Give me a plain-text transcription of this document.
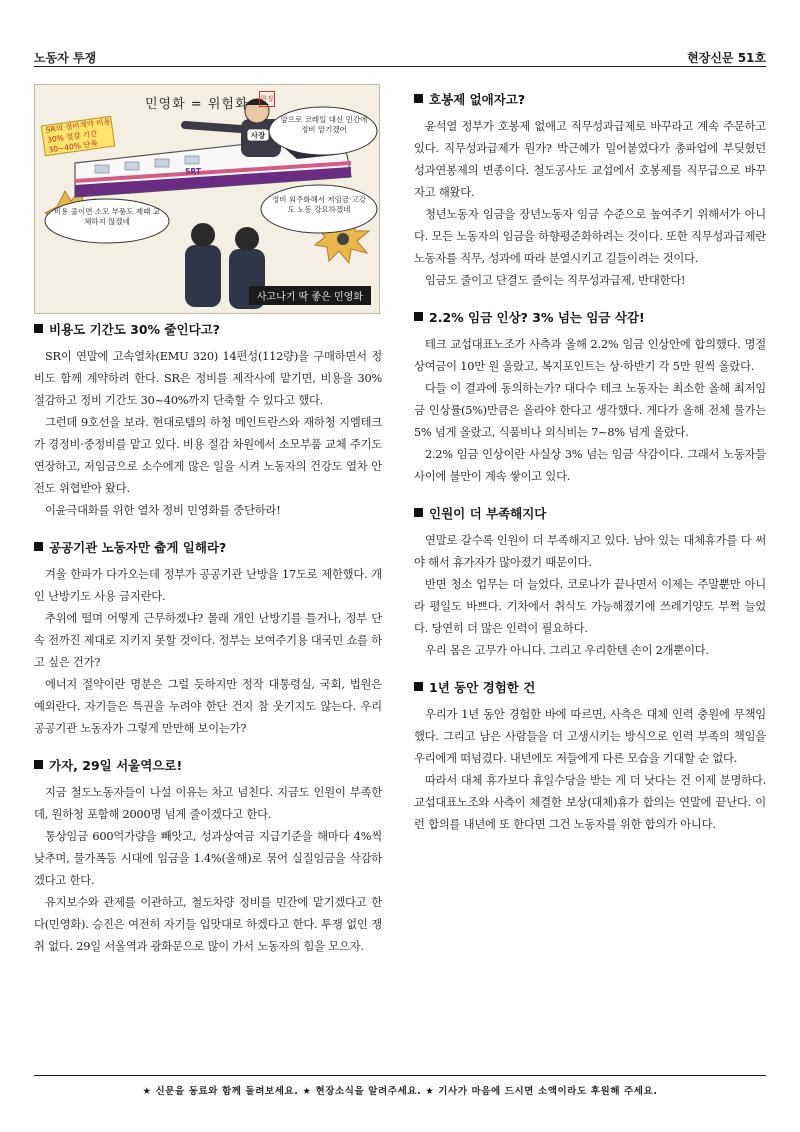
노동자 투쟁	현장신문 51호
민영화 = 위험화 현장
SR의 정비계약 비용 30% 절감 기간 30~40% 단축
사장
앞으로 코레일 대신 민간에 정비 맡기겠어
SRT
비용 줄이면 소모 부품도 제때 교체하지 않겠네
정비 외주화해서 저임금·고강도 노동 강요하겠네
사고나기 딱 좋은 민영화
비용도 기간도 30% 줄인다고?

SR이 연말에 고속열차(EMU 320) 14편성(112량)을 구매하면서 정비도 함께 계약하려 한다. SR은 정비를 제작사에 맡기면, 비용을 30% 절감하고 정비 기간도 30~40%까지 단축할 수 있다고 했다.

그런데 9호선을 보라. 현대로템의 하청 메인트란스와 재하청 지엠테크가 경정비·중정비를 맡고 있다. 비용 절감 차원에서 소모부품 교체 주기도 연장하고, 저임금으로 소수에게 많은 일을 시켜 노동자의 건강도 열차 안전도 위협받아 왔다.

이윤극대화를 위한 열차 정비 민영화를 중단하라!

공공기관 노동자만 춥게 일해라?

겨울 한파가 다가오는데 정부가 공공기관 난방을 17도로 제한했다. 개인 난방기도 사용 금지란다.

추위에 떨며 어떻게 근무하겠냐? 몰래 개인 난방기를 틀거나, 정부 단속 전까진 제대로 지키지 못할 것이다. 정부는 보여주기용 대국민 쇼를 하고 싶은 건가?

에너지 절약이란 명분은 그럴 듯하지만 정작 대통령실, 국회, 법원은 예외란다. 자기들은 특권을 누려야 한단 건지 참 웃기지도 않는다. 우리 공공기관 노동자가 그렇게 만만해 보이는가?

가자, 29일 서울역으로!

지금 철도노동자들이 나설 이유는 차고 넘친다. 지금도 인원이 부족한데, 원하청 포함해 2000명 넘게 줄이겠다고 한다.

통상임금 600억가량을 빼앗고, 성과상여금 지급기준을 해마다 4%씩 낮추며, 물가폭등 시대에 임금을 1.4%(올해)로 묶어 실질임금을 삭감하겠다고 한다.

유지보수와 관제를 이관하고, 철도차량 정비를 민간에 맡기겠다고 한다(민영화). 승진은 여전히 자기들 입맛대로 하겠다고 한다. 투쟁 없인 쟁취 없다. 29일 서울역과 광화문으로 많이 가서 노동자의 힘을 모으자.

호봉제 없애자고?

윤석열 정부가 호봉제 없애고 직무성과급제로 바꾸라고 계속 주문하고 있다. 직무성과급제가 뭔가? 박근혜가 밀어붙였다가 총파업에 부딪혔던 성과연봉제의 변종이다. 철도공사도 교섭에서 호봉제를 직무급으로 바꾸자고 해왔다.

청년노동자 임금을 장년노동자 임금 수준으로 높여주기 위해서가 아니다. 모든 노동자의 임금을 하향평준화하려는 것이다. 또한 직무성과급제란 노동자를 직무, 성과에 따라 분열시키고 길들이려는 것이다.

임금도 줄이고 단결도 줄이는 직무성과급제, 반대한다!

2.2% 임금 인상? 3% 넘는 임금 삭감!

테크 교섭대표노조가 사측과 올해 2.2% 임금 인상안에 합의했다. 명절상여금이 10만 원 올랐고, 복지포인트는 상·하반기 각 5만 원씩 올랐다.

다들 이 결과에 동의하는가? 대다수 테크 노동자는 최소한 올해 최저임금 인상률(5%)만큼은 올라야 한다고 생각했다. 게다가 올해 전체 물가는 5% 넘게 올랐고, 식품비나 외식비는 7~8% 넘게 올랐다.

2.2% 임금 인상이란 사실상 3% 넘는 임금 삭감이다. 그래서 노동자들 사이에 불만이 계속 쌓이고 있다.

인원이 더 부족해지다

연말로 갈수록 인원이 더 부족해지고 있다. 남아 있는 대체휴가를 다 써야 해서 휴가자가 많아졌기 때문이다.

반면 청소 업무는 더 늘었다. 코로나가 끝나면서 이제는 주말뿐만 아니라 평일도 바쁘다. 기차에서 취식도 가능해졌기에 쓰레기양도 부쩍 늘었다. 당연히 더 많은 인력이 필요하다.

우리 몸은 고무가 아니다. 그리고 우리한텐 손이 2개뿐이다.

1년 동안 경험한 건

우리가 1년 동안 경험한 바에 따르면, 사측은 대체 인력 충원에 무책임했다. 그리고 남은 사람들을 더 고생시키는 방식으로 인력 부족의 책임을 우리에게 떠넘겼다. 내년에도 저들에게 다른 모습을 기대할 순 없다.

따라서 대체 휴가보다 휴일수당을 받는 게 더 낫다는 건 이제 분명하다. 교섭대표노조와 사측이 체결한 보상(대체)휴가 합의는 연말에 끝난다. 이런 합의를 내년에 또 한다면 그건 노동자를 위한 합의가 아니다.

★ 신문을 동료와 함께 돌려보세요. ★ 현장소식을 알려주세요. ★ 기사가 마음에 드시면 소액이라도 후원해 주세요.
